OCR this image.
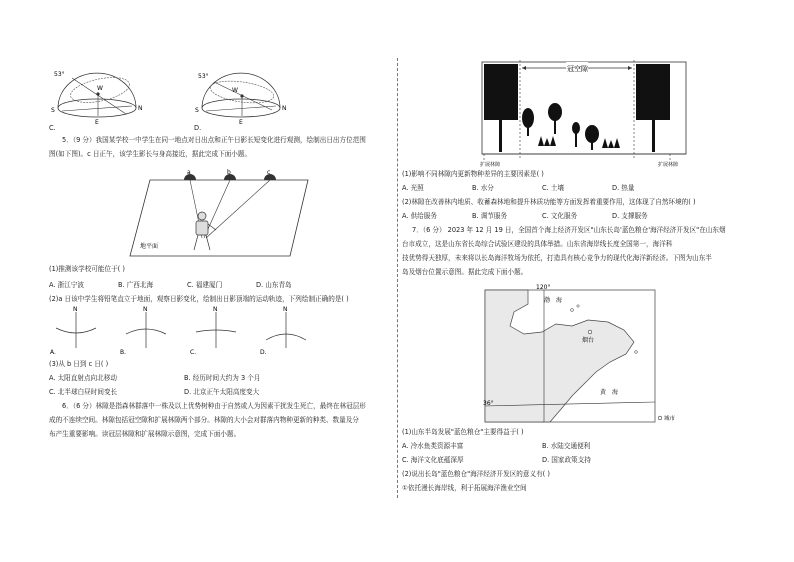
53°
W
N
E
S
C.
53°
W
N
E
S
D.
5．（9 分）我国某学校一中学生在同一地点对日出点和正午日影长短变化进行观测，绘制出日出方位范围
图(如下图)。c 日正午，该学生影长与身高接近，据此完成下面小题。
a	b	c
地平面
(1)推测该学校可能位于( )
A. 浙江宁波	B. 广西北海	C. 福建厦门	D. 山东青岛
(2)a 日该中学生将铅笔直立于地面，观察日影变化，绘制出日影顶端的运动轨迹，下列绘制正确的是( )
N	N	N	N
A.	B.	C.	D.
(3)从 b 日到 c 日( )
A. 太阳直射点向北移动	B. 经历时间大约为 3 个月
C. 北半球白昼时间变长	D. 北京正午太阳高度变大
6．（6 分）林隙是指森林群落中一株及以上优势树种由于自然或人为因素干扰发生死亡，最终在林冠层形
成的不连续空间。林隙包括冠空隙和扩展林隙两个部分。林隙的大小会对群落内物种更新的种类、数量及分
布产生重要影响。读冠层林隙和扩展林隙示意图，完成下面小题。
冠空隙
扩展林隙	扩展林隙
(1)影响不同林隙内更新物种差异的主要因素是( )
A. 光照	B. 水分	C. 土壤	D. 热量
(2)林隙在改善林内地质、收蓄森林地和提升林质功能等方面发挥着重要作用，这体现了自然环境的( )
A. 供给服务	B. 调节服务	C. 文化服务	D. 支撑服务
7．（6 分） 2023 年 12 月 19 日，全国首个海上经济开发区"山东长岛'蓝色粮仓'海洋经济开发区"在山东烟
台市成立，这是山东省长岛综合试验区建设的具体举措。山东省海岸线长度全国第一，海洋科
技优势得天独厚，未来将以长岛海洋牧场为依托，打造具有核心竞争力的现代化海洋新经济。下图为山东半
岛及烟台位置示意图。据此完成下面小题。
120°
36°
渤　海
黄　海
烟台
城市
(1)山东半岛发展"蓝色粮仓"主要得益于( )
A. 冷水鱼类资源丰富	B. 水陆交通便利
C. 海洋文化底蕴深厚	D. 国家政策支持
(2)说出长岛"蓝色粮仓"海洋经济开发区的意义有( )
①依托漫长海岸线，利于拓展海洋渔业空间
